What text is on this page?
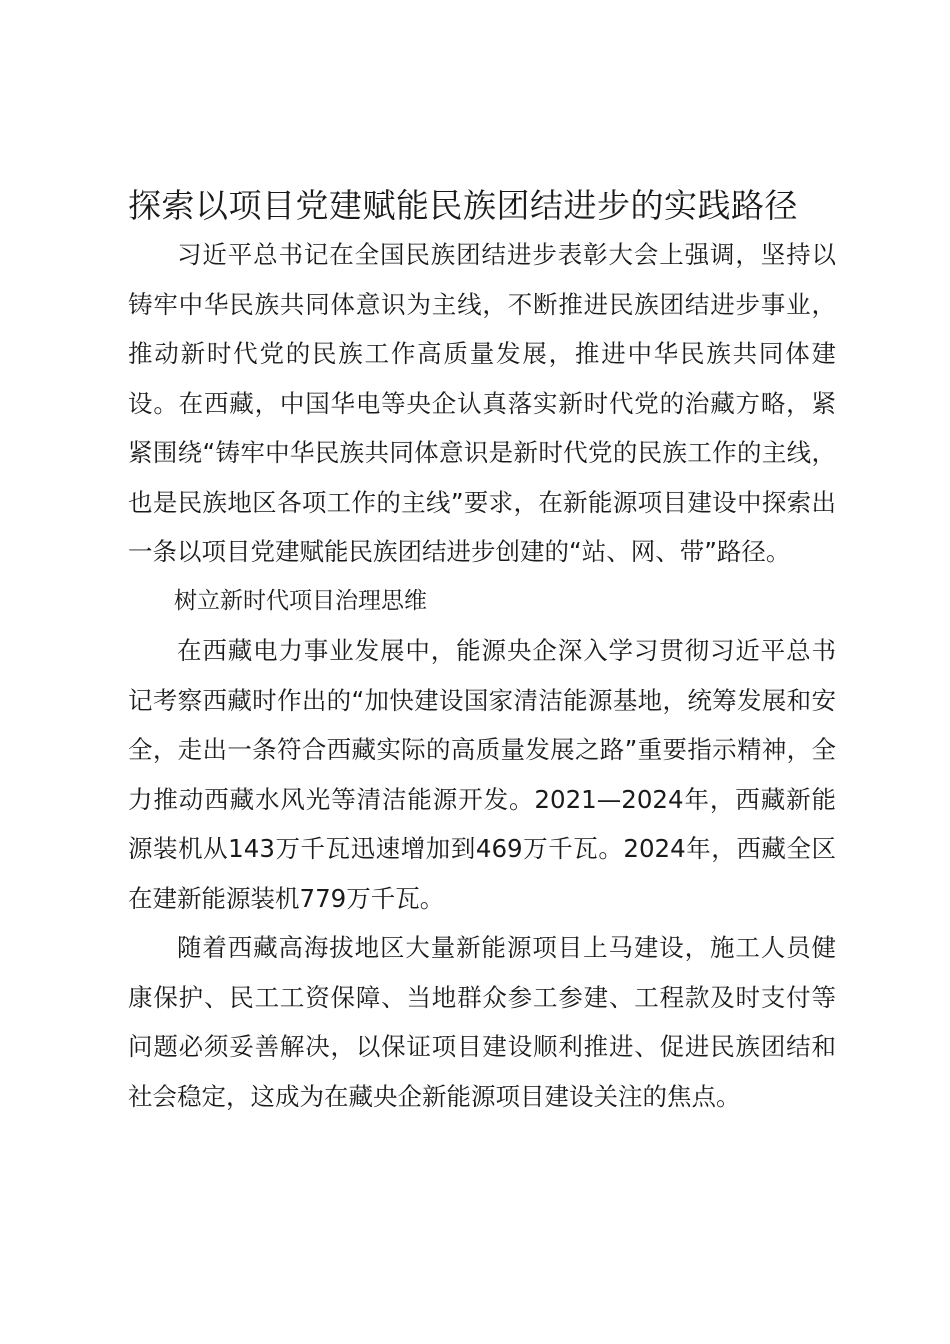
探索以项目党建赋能民族团结进步的实践路径

习近平总书记在全国民族团结进步表彰大会上强调，坚持以铸牢中华民族共同体意识为主线，不断推进民族团结进步事业，推动新时代党的民族工作高质量发展，推进中华民族共同体建设。在西藏，中国华电等央企认真落实新时代党的治藏方略，紧紧围绕“铸牢中华民族共同体意识是新时代党的民族工作的主线，也是民族地区各项工作的主线”要求，在新能源项目建设中探索出一条以项目党建赋能民族团结进步创建的“站、网、带”路径。

树立新时代项目治理思维

在西藏电力事业发展中，能源央企深入学习贯彻习近平总书记考察西藏时作出的“加快建设国家清洁能源基地，统筹发展和安全，走出一条符合西藏实际的高质量发展之路”重要指示精神，全力推动西藏水风光等清洁能源开发。2021—2024年，西藏新能源装机从143万千瓦迅速增加到469万千瓦。2024年，西藏全区在建新能源装机779万千瓦。

随着西藏高海拔地区大量新能源项目上马建设，施工人员健康保护、民工工资保障、当地群众参工参建、工程款及时支付等问题必须妥善解决，以保证项目建设顺利推进、促进民族团结和社会稳定，这成为在藏央企新能源项目建设关注的焦点。
